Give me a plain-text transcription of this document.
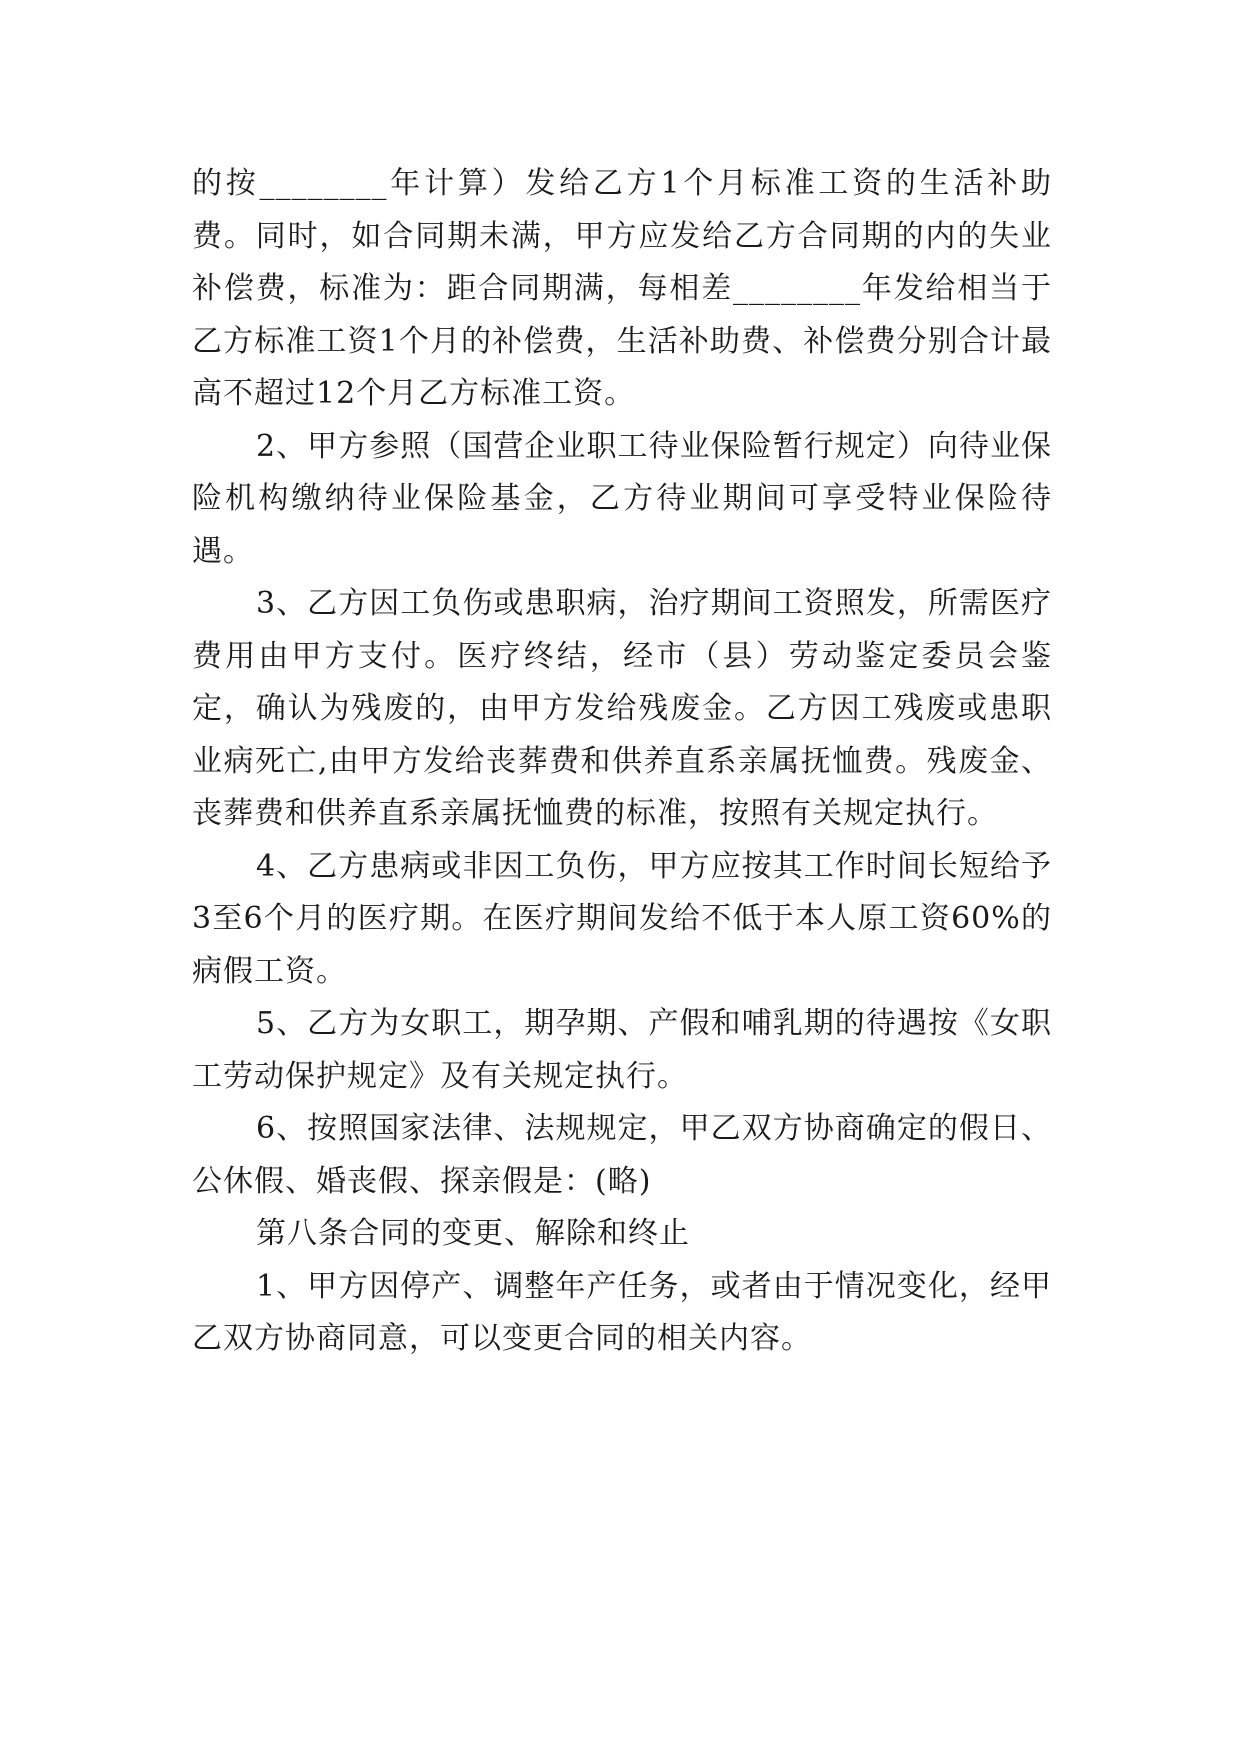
的按________年计算）发给乙方1个月标准工资的生活补助费。同时，如合同期未满，甲方应发给乙方合同期的内的失业补偿费，标准为：距合同期满，每相差________年发给相当于乙方标准工资1个月的补偿费，生活补助费、补偿费分别合计最高不超过12个月乙方标准工资。

2、甲方参照（国营企业职工待业保险暂行规定）向待业保险机构缴纳待业保险基金，乙方待业期间可享受特业保险待遇。

3、乙方因工负伤或患职病，治疗期间工资照发，所需医疗费用由甲方支付。医疗终结，经市（县）劳动鉴定委员会鉴定，确认为残废的，由甲方发给残废金。乙方因工残废或患职业病死亡,由甲方发给丧葬费和供养直系亲属抚恤费。残废金、丧葬费和供养直系亲属抚恤费的标准，按照有关规定执行。

4、乙方患病或非因工负伤，甲方应按其工作时间长短给予3至6个月的医疗期。在医疗期间发给不低于本人原工资60%的病假工资。

5、乙方为女职工，期孕期、产假和哺乳期的待遇按《女职工劳动保护规定》及有关规定执行。

6、按照国家法律、法规规定，甲乙双方协商确定的假日、公休假、婚丧假、探亲假是：(略)

第八条合同的变更、解除和终止

1、甲方因停产、调整年产任务，或者由于情况变化，经甲乙双方协商同意，可以变更合同的相关内容。
